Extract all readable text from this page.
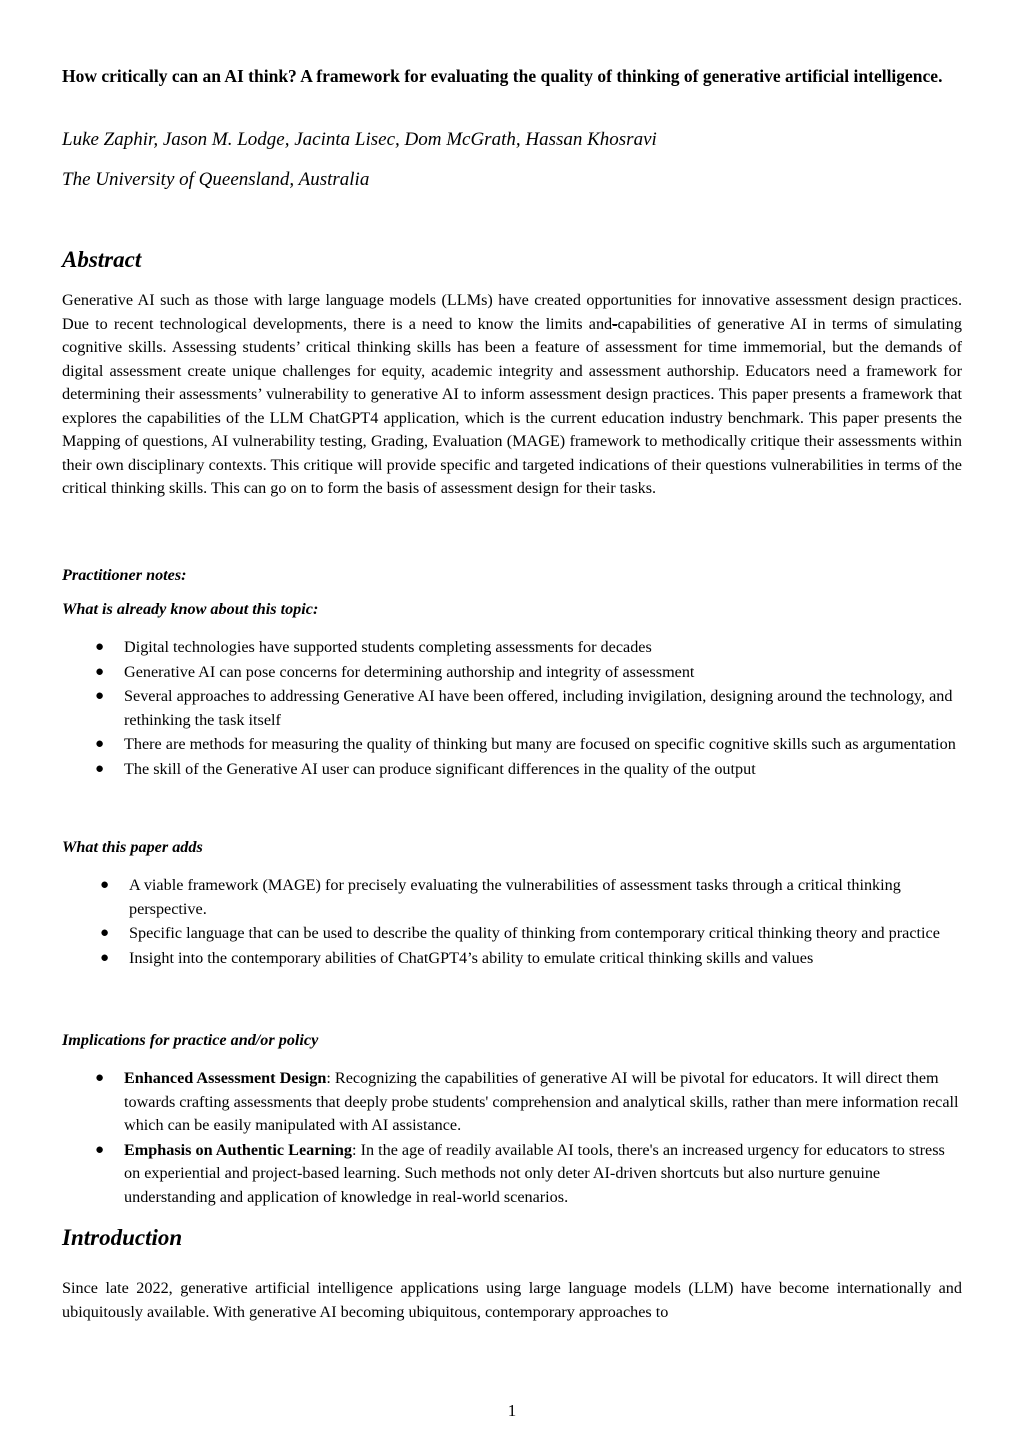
How critically can an AI think? A framework for evaluating the quality of thinking of generative artificial intelligence.
Luke Zaphir, Jason M. Lodge, Jacinta Lisec, Dom McGrath, Hassan Khosravi
The University of Queensland, Australia
Abstract
Generative AI such as those with large language models (LLMs) have created opportunities for innovative assessment design practices. Due to recent technological developments, there is a need to know the limits and-capabilities of generative AI in terms of simulating cognitive skills. Assessing students’ critical thinking skills has been a feature of assessment for time immemorial, but the demands of digital assessment create unique challenges for equity, academic integrity and assessment authorship. Educators need a framework for determining their assessments’ vulnerability to generative AI to inform assessment design practices. This paper presents a framework that explores the capabilities of the LLM ChatGPT4 application, which is the current education industry benchmark. This paper presents the Mapping of questions, AI vulnerability testing, Grading, Evaluation (MAGE) framework to methodically critique their assessments within their own disciplinary contexts. This critique will provide specific and targeted indications of their questions vulnerabilities in terms of the critical thinking skills. This can go on to form the basis of assessment design for their tasks.
Practitioner notes:
What is already know about this topic:
● Digital technologies have supported students completing assessments for decades
● Generative AI can pose concerns for determining authorship and integrity of assessment
● Several approaches to addressing Generative AI have been offered, including invigilation, designing around the technology, and rethinking the task itself
● There are methods for measuring the quality of thinking but many are focused on specific cognitive skills such as argumentation
● The skill of the Generative AI user can produce significant differences in the quality of the output
What this paper adds
● A viable framework (MAGE) for precisely evaluating the vulnerabilities of assessment tasks through a critical thinking perspective.
● Specific language that can be used to describe the quality of thinking from contemporary critical thinking theory and practice
● Insight into the contemporary abilities of ChatGPT4’s ability to emulate critical thinking skills and values
Implications for practice and/or policy
● Enhanced Assessment Design: Recognizing the capabilities of generative AI will be pivotal for educators. It will direct them towards crafting assessments that deeply probe students' comprehension and analytical skills, rather than mere information recall which can be easily manipulated with AI assistance.
● Emphasis on Authentic Learning: In the age of readily available AI tools, there's an increased urgency for educators to stress on experiential and project-based learning. Such methods not only deter AI-driven shortcuts but also nurture genuine understanding and application of knowledge in real-world scenarios.
Introduction
Since late 2022, generative artificial intelligence applications using large language models (LLM) have become internationally and ubiquitously available. With generative AI becoming ubiquitous, contemporary approaches to
1
